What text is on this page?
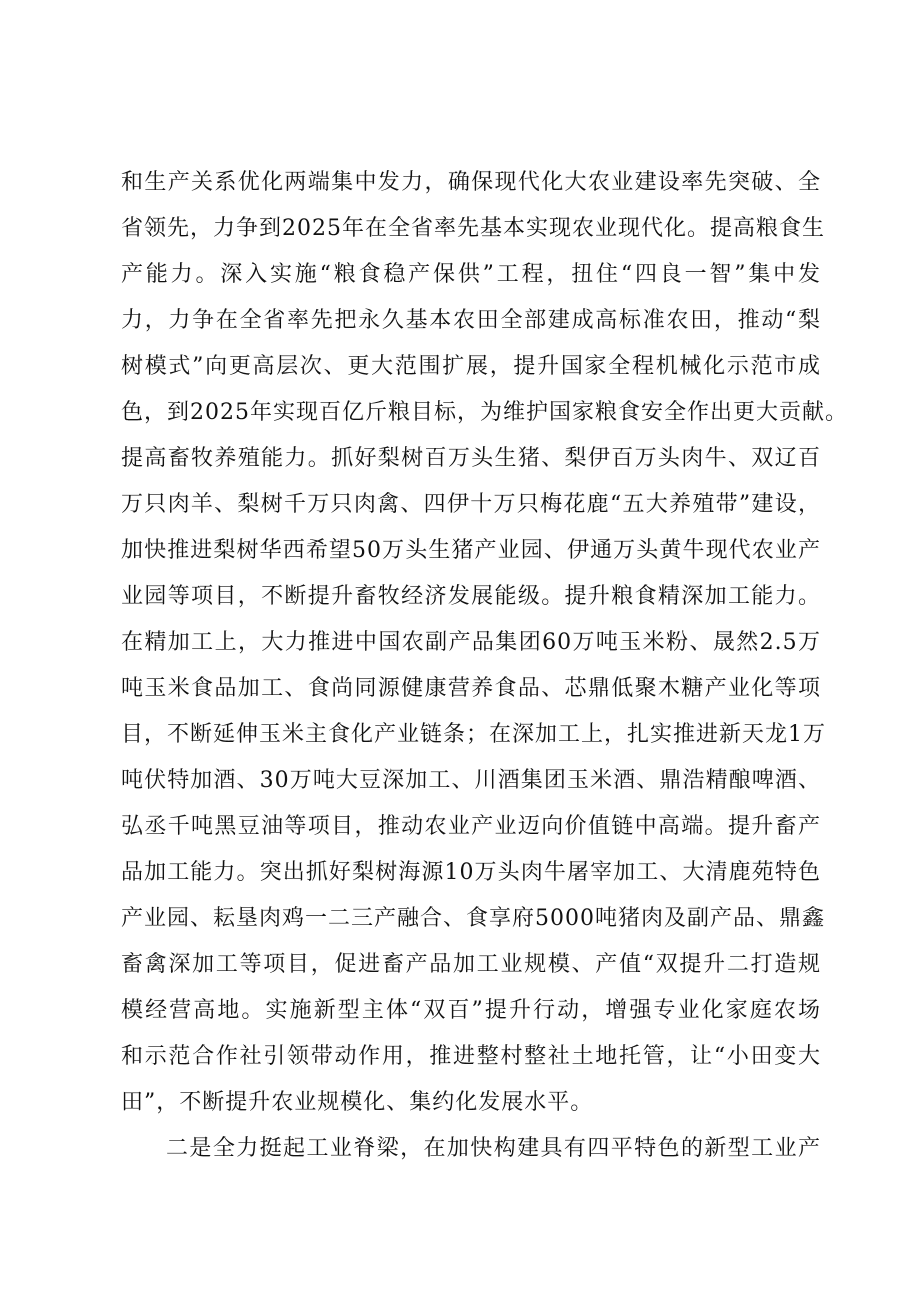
和生产关系优化两端集中发力，确保现代化大农业建设率先突破、全
省领先，力争到2025年在全省率先基本实现农业现代化。提高粮食生
产能力。深入实施“粮食稳产保供”工程，扭住“四良一智”集中发
力，力争在全省率先把永久基本农田全部建成高标准农田，推动“梨
树模式”向更高层次、更大范围扩展，提升国家全程机械化示范市成
色，到2025年实现百亿斤粮目标，为维护国家粮食安全作出更大贡献。
提高畜牧养殖能力。抓好梨树百万头生猪、梨伊百万头肉牛、双辽百
万只肉羊、梨树千万只肉禽、四伊十万只梅花鹿“五大养殖带”建设，
加快推进梨树华西希望50万头生猪产业园、伊通万头黄牛现代农业产
业园等项目，不断提升畜牧经济发展能级。提升粮食精深加工能力。
在精加工上，大力推进中国农副产品集团60万吨玉米粉、晟然2.5万
吨玉米食品加工、食尚同源健康营养食品、芯鼎低聚木糖产业化等项
目，不断延伸玉米主食化产业链条；在深加工上，扎实推进新天龙1万
吨伏特加酒、30万吨大豆深加工、川酒集团玉米酒、鼎浩精酿啤酒、
弘丞千吨黑豆油等项目，推动农业产业迈向价值链中高端。提升畜产
品加工能力。突出抓好梨树海源10万头肉牛屠宰加工、大清鹿苑特色
产业园、耘垦肉鸡一二三产融合、食享府5000吨猪肉及副产品、鼎鑫
畜禽深加工等项目，促进畜产品加工业规模、产值“双提升二打造规
模经营高地。实施新型主体“双百”提升行动，增强专业化家庭农场
和示范合作社引领带动作用，推进整村整社土地托管，让“小田变大
田”，不断提升农业规模化、集约化发展水平。
二是全力挺起工业脊梁，在加快构建具有四平特色的新型工业产
